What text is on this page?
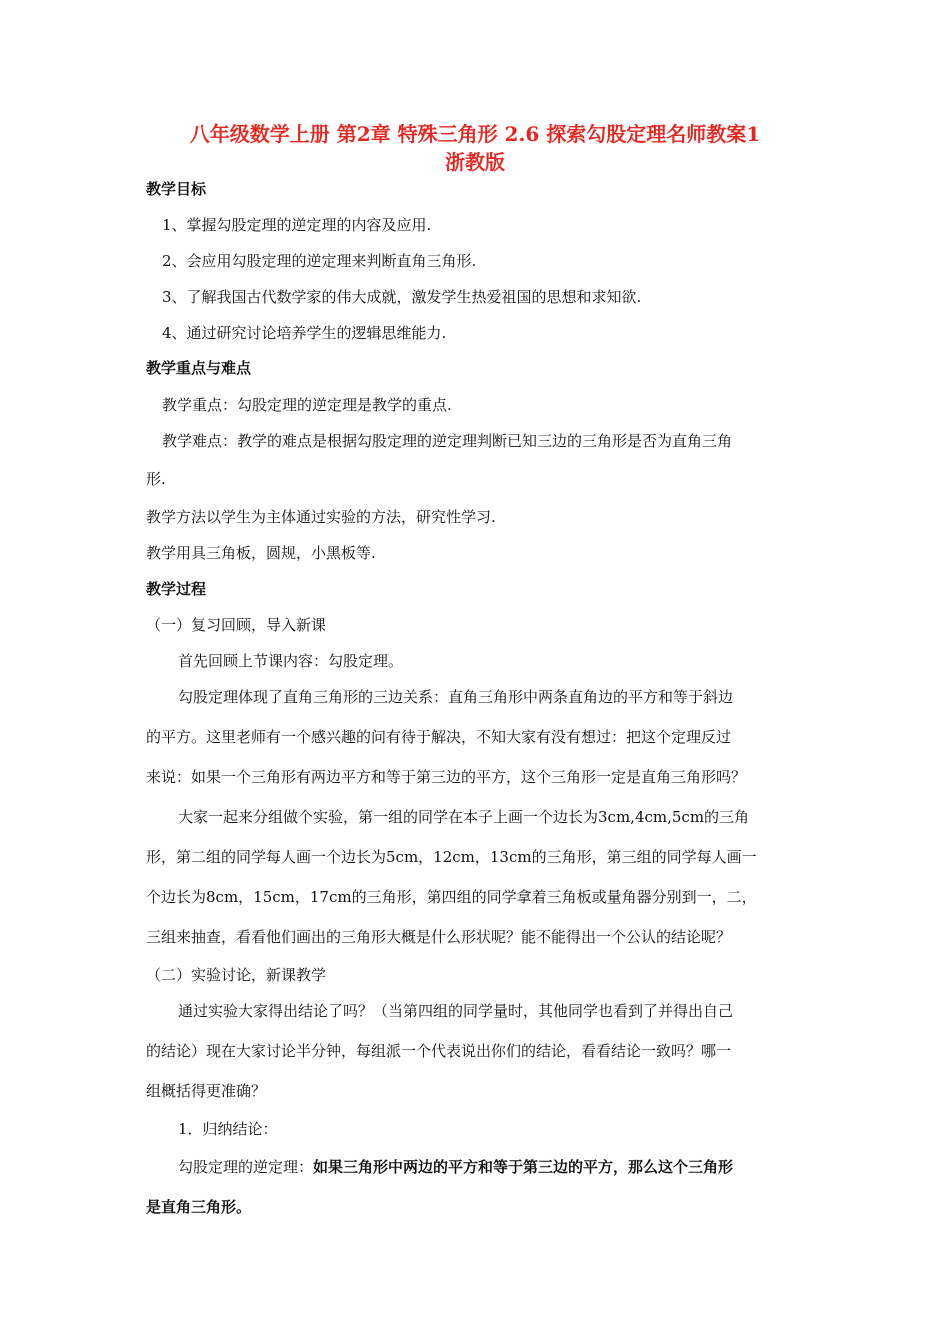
八年级数学上册 第2章 特殊三角形 2.6 探索勾股定理名师教案1
浙教版
教学目标
1、掌握勾股定理的逆定理的内容及应用.
2、会应用勾股定理的逆定理来判断直角三角形.
3、了解我国古代数学家的伟大成就，激发学生热爱祖国的思想和求知欲.
4、通过研究讨论培养学生的逻辑思维能力.
教学重点与难点
教学重点：勾股定理的逆定理是教学的重点.
教学难点：教学的难点是根据勾股定理的逆定理判断已知三边的三角形是否为直角三角
形.
教学方法以学生为主体通过实验的方法，研究性学习.
教学用具三角板，圆规，小黑板等.
教学过程
（一）复习回顾，导入新课
首先回顾上节课内容：勾股定理。
勾股定理体现了直角三角形的三边关系：直角三角形中两条直角边的平方和等于斜边
的平方。这里老师有一个感兴趣的问有待于解决，不知大家有没有想过：把这个定理反过
来说：如果一个三角形有两边平方和等于第三边的平方，这个三角形一定是直角三角形吗？
大家一起来分组做个实验，第一组的同学在本子上画一个边长为3cm,4cm,5cm的三角
形，第二组的同学每人画一个边长为5cm，12cm，13cm的三角形，第三组的同学每人画一
个边长为8cm，15cm，17cm的三角形，第四组的同学拿着三角板或量角器分别到一，二，
三组来抽查，看看他们画出的三角形大概是什么形状呢？能不能得出一个公认的结论呢？
（二）实验讨论，新课教学
通过实验大家得出结论了吗？（当第四组的同学量时，其他同学也看到了并得出自己
的结论）现在大家讨论半分钟，每组派一个代表说出你们的结论，看看结论一致吗？哪一
组概括得更准确？
1．归纳结论：
勾股定理的逆定理：如果三角形中两边的平方和等于第三边的平方，那么这个三角形
是直角三角形。
